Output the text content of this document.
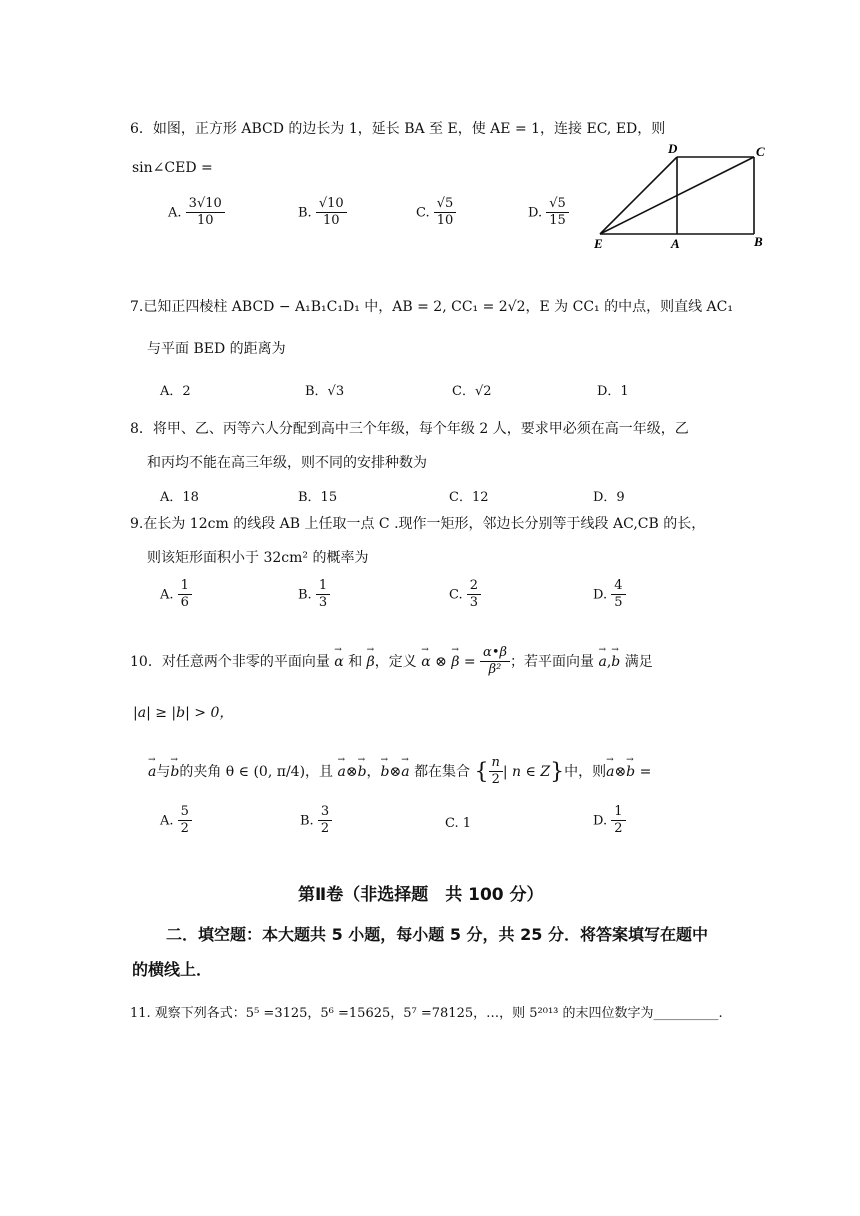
6．如图，正方形 ABCD 的边长为 1，延长 BA 至 E，使 AE = 1，连接 EC, ED，则
sin∠CED =
A. $\frac{3√10}{10}$	B. $\frac{√10}{10}$	C. $\frac{√5}{10}$	D. $\frac{√5}{15}$
D	C
E	A	B
7.已知正四棱柱 ABCD − A₁B₁C₁D₁ 中，AB = 2, CC₁ = 2√2，E 为 CC₁ 的中点，则直线 AC₁
与平面 BED 的距离为
A．2	B．√3	C．√2	D．1
8．将甲、乙、丙等六人分配到高中三个年级，每个年级 2 人，要求甲必须在高一年级，乙
和丙均不能在高三年级，则不同的安排种数为
A．18	B．15	C．12	D．9
9.在长为 12cm 的线段 AB 上任取一点 C .现作一矩形，邻边长分别等于线段 AC,CB 的长，
则该矩形面积小于 32cm² 的概率为
A. $\frac{1}{6}$	B. $\frac{1}{3}$	C. $\frac{2}{3}$	D. $\frac{4}{5}$
10．对任意两个非零的平面向量 → α 和 → β，定义 → α ⊗ → $\beta = \frac{\alpha•\beta}{\text{β²}}$ ；若平面向量 → a,→ b 满足
|a| ≥ |b| > 0，
→ a与→ b的夹角 θ ∈ (0, π/4)，且 → a⊗→ b，→ b⊗→ a 都在集合 { $\frac{n}{2}$ | n ∈ Z}中，则→ a⊗→ b =
A. $\frac{5}{2}$	B. $\frac{3}{2}$	C. 1	D. $\frac{1}{2}$
第Ⅱ卷（非选择题　共 100 分）
二．填空题：本大题共 5 小题，每小题 5 分，共 25 分．将答案填写在题中
的横线上．
11. 观察下列各式：5⁵ =3125，5⁶ =15625，5⁷ =78125，…，则 5²⁰¹³ 的末四位数字为__________.
